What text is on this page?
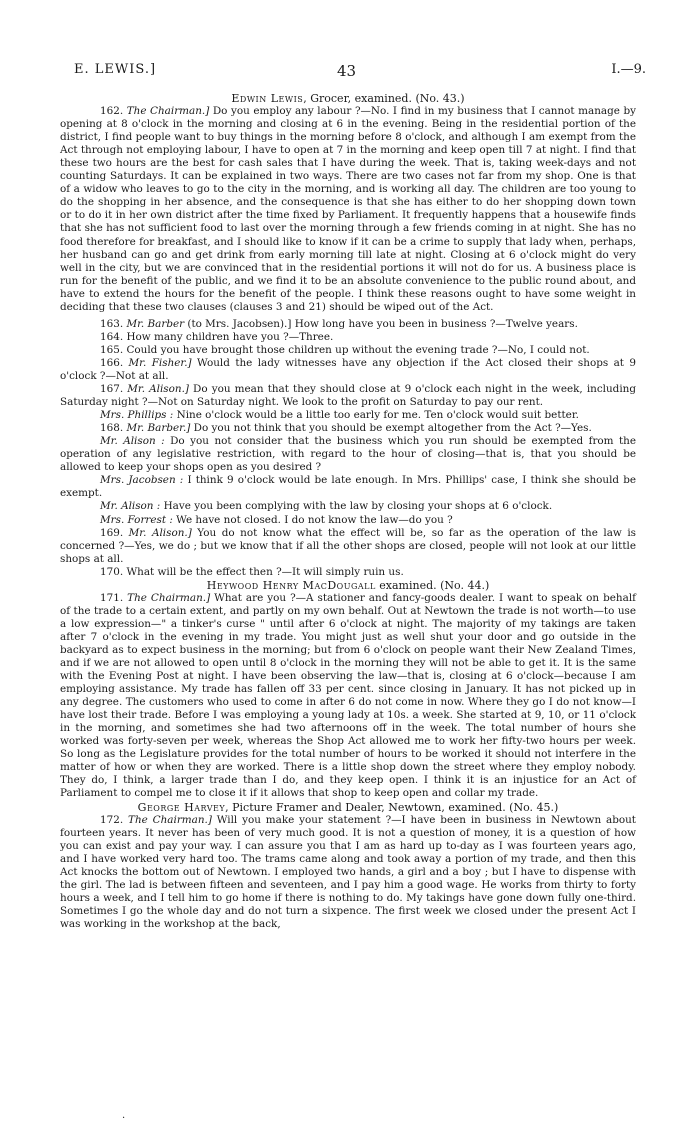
E. LEWIS.]	43	I.—9.

Edwin Lewis, Grocer, examined. (No. 43.)

162. The Chairman.] Do you employ any labour ?—No. I find in my business that I cannot manage by opening at 8 o'clock in the morning and closing at 6 in the evening. Being in the residential portion of the district, I find people want to buy things in the morning before 8 o'clock, and although I am exempt from the Act through not employing labour, I have to open at 7 in the morning and keep open till 7 at night. I find that these two hours are the best for cash sales that I have during the week. That is, taking week-days and not counting Saturdays. It can be explained in two ways. There are two cases not far from my shop. One is that of a widow who leaves to go to the city in the morning, and is working all day. The children are too young to do the shopping in her absence, and the consequence is that she has either to do her shopping down town or to do it in her own district after the time fixed by Parliament. It frequently happens that a housewife finds that she has not sufficient food to last over the morning through a few friends coming in at night. She has no food therefore for breakfast, and I should like to know if it can be a crime to supply that lady when, perhaps, her husband can go and get drink from early morning till late at night. Closing at 6 o'clock might do very well in the city, but we are convinced that in the residential portions it will not do for us. A business place is run for the benefit of the public, and we find it to be an absolute convenience to the public round about, and have to extend the hours for the benefit of the people. I think these reasons ought to have some weight in deciding that these two clauses (clauses 3 and 21) should be wiped out of the Act.

163. Mr. Barber (to Mrs. Jacobsen).] How long have you been in business ?—Twelve years.

164. How many children have you ?—Three.

165. Could you have brought those children up without the evening trade ?—No, I could not.

166. Mr. Fisher.] Would the lady witnesses have any objection if the Act closed their shops at 9 o'clock ?—Not at all.

167. Mr. Alison.] Do you mean that they should close at 9 o'clock each night in the week, including Saturday night ?—Not on Saturday night. We look to the profit on Saturday to pay our rent.

Mrs. Phillips : Nine o'clock would be a little too early for me. Ten o'clock would suit better.

168. Mr. Barber.] Do you not think that you should be exempt altogether from the Act ?—Yes.

Mr. Alison : Do you not consider that the business which you run should be exempted from the operation of any legislative restriction, with regard to the hour of closing—that is, that you should be allowed to keep your shops open as you desired ?

Mrs. Jacobsen : I think 9 o'clock would be late enough. In Mrs. Phillips' case, I think she should be exempt.

Mr. Alison : Have you been complying with the law by closing your shops at 6 o'clock.

Mrs. Forrest : We have not closed. I do not know the law—do you ?

169. Mr. Alison.] You do not know what the effect will be, so far as the operation of the law is concerned ?—Yes, we do ; but we know that if all the other shops are closed, people will not look at our little shops at all.

170. What will be the effect then ?—It will simply ruin us.

Heywood Henry MacDougall examined. (No. 44.)

171. The Chairman.] What are you ?—A stationer and fancy-goods dealer. I want to speak on behalf of the trade to a certain extent, and partly on my own behalf. Out at Newtown the trade is not worth—to use a low expression—" a tinker's curse " until after 6 o'clock at night. The majority of my takings are taken after 7 o'clock in the evening in my trade. You might just as well shut your door and go outside in the backyard as to expect business in the morning; but from 6 o'clock on people want their New Zealand Times, and if we are not allowed to open until 8 o'clock in the morning they will not be able to get it. It is the same with the Evening Post at night. I have been observing the law—that is, closing at 6 o'clock—because I am employing assistance. My trade has fallen off 33 per cent. since closing in January. It has not picked up in any degree. The customers who used to come in after 6 do not come in now. Where they go I do not know—I have lost their trade. Before I was employing a young lady at 10s. a week. She started at 9, 10, or 11 o'clock in the morning, and sometimes she had two afternoons off in the week. The total number of hours she worked was forty-seven per week, whereas the Shop Act allowed me to work her fifty-two hours per week. So long as the Legislature provides for the total number of hours to be worked it should not interfere in the matter of how or when they are worked. There is a little shop down the street where they employ nobody. They do, I think, a larger trade than I do, and they keep open. I think it is an injustice for an Act of Parliament to compel me to close it if it allows that shop to keep open and collar my trade.

George Harvey, Picture Framer and Dealer, Newtown, examined. (No. 45.)

172. The Chairman.] Will you make your statement ?—I have been in business in Newtown about fourteen years. It never has been of very much good. It is not a question of money, it is a question of how you can exist and pay your way. I can assure you that I am as hard up to-day as I was fourteen years ago, and I have worked very hard too. The trams came along and took away a portion of my trade, and then this Act knocks the bottom out of Newtown. I employed two hands, a girl and a boy ; but I have to dispense with the girl. The lad is between fifteen and seventeen, and I pay him a good wage. He works from thirty to forty hours a week, and I tell him to go home if there is nothing to do. My takings have gone down fully one-third. Sometimes I go the whole day and do not turn a sixpence. The first week we closed under the present Act I was working in the workshop at the back,

.
